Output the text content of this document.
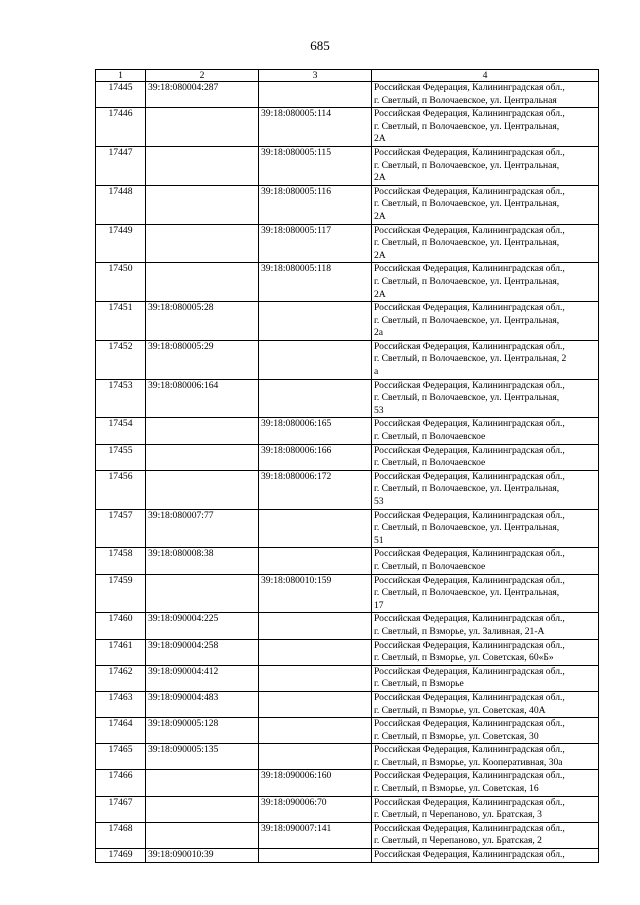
685
1	2	3	4
17445	39:18:080004:287		Российская Федерация, Калининградская обл.,
г. Светлый, п Волочаевское, ул. Центральная
17446		39:18:080005:114	Российская Федерация, Калининградская обл.,
г. Светлый, п Волочаевское, ул. Центральная,
2А
17447		39:18:080005:115	Российская Федерация, Калининградская обл.,
г. Светлый, п Волочаевское, ул. Центральная,
2А
17448		39:18:080005:116	Российская Федерация, Калининградская обл.,
г. Светлый, п Волочаевское, ул. Центральная,
2А
17449		39:18:080005:117	Российская Федерация, Калининградская обл.,
г. Светлый, п Волочаевское, ул. Центральная,
2А
17450		39:18:080005:118	Российская Федерация, Калининградская обл.,
г. Светлый, п Волочаевское, ул. Центральная,
2А
17451	39:18:080005:28		Российская Федерация, Калининградская обл.,
г. Светлый, п Волочаевское, ул. Центральная,
2а
17452	39:18:080005:29		Российская Федерация, Калининградская обл.,
г. Светлый, п Волочаевское, ул. Центральная, 2
а
17453	39:18:080006:164		Российская Федерация, Калининградская обл.,
г. Светлый, п Волочаевское, ул. Центральная,
53
17454		39:18:080006:165	Российская Федерация, Калининградская обл.,
г. Светлый, п Волочаевское
17455		39:18:080006:166	Российская Федерация, Калининградская обл.,
г. Светлый, п Волочаевское
17456		39:18:080006:172	Российская Федерация, Калининградская обл.,
г. Светлый, п Волочаевское, ул. Центральная,
53
17457	39:18:080007:77		Российская Федерация, Калининградская обл.,
г. Светлый, п Волочаевское, ул. Центральная,
51
17458	39:18:080008:38		Российская Федерация, Калининградская обл.,
г. Светлый, п Волочаевское
17459		39:18:080010:159	Российская Федерация, Калининградская обл.,
г. Светлый, п Волочаевское, ул. Центральная,
17
17460	39:18:090004:225		Российская Федерация, Калининградская обл.,
г. Светлый, п Взморье, ул. Заливная, 21-А
17461	39:18:090004:258		Российская Федерация, Калининградская обл.,
г. Светлый, п Взморье, ул. Советская, 60«Б»
17462	39:18:090004:412		Российская Федерация, Калининградская обл.,
г. Светлый, п Взморье
17463	39:18:090004:483		Российская Федерация, Калининградская обл.,
г. Светлый, п Взморье, ул. Советская, 40А
17464	39:18:090005:128		Российская Федерация, Калининградская обл.,
г. Светлый, п Взморье, ул. Советская, 30
17465	39:18:090005:135		Российская Федерация, Калининградская обл.,
г. Светлый, п Взморье, ул. Кооперативная, 30а
17466		39:18:090006:160	Российская Федерация, Калининградская обл.,
г. Светлый, п Взморье, ул. Советская, 16
17467		39:18:090006:70	Российская Федерация, Калининградская обл.,
г. Светлый, п Черепаново, ул. Братская, 3
17468		39:18:090007:141	Российская Федерация, Калининградская обл.,
г. Светлый, п Черепаново, ул. Братская, 2
17469	39:18:090010:39		Российская Федерация, Калининградская обл.,
